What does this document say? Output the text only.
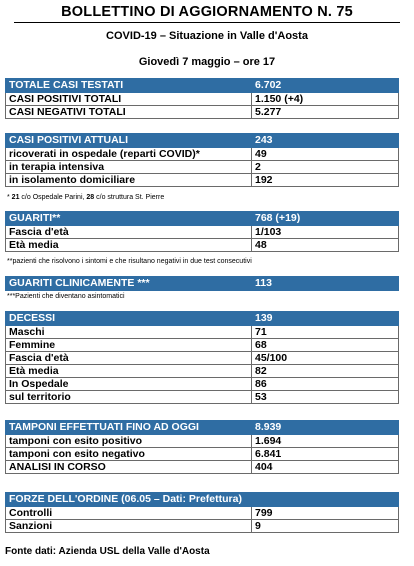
BOLLETTINO DI AGGIORNAMENTO N. 75
COVID-19 – Situazione in Valle d'Aosta
Giovedì 7 maggio – ore 17
TOTALE CASI TESTATI	6.702
CASI POSITIVI TOTALI	1.150 (+4)
CASI NEGATIVI TOTALI	5.277
CASI POSITIVI ATTUALI	243
ricoverati in ospedale (reparti COVID)*	49
in terapia intensiva	2
in isolamento domiciliare	192
* 21 c/o Ospedale Parini, 28 c/o struttura St. Pierre
GUARITI**	768 (+19)
Fascia d'età	1/103
Età media	48
**pazienti che risolvono i sintomi e che risultano negativi in due test consecutivi
GUARITI CLINICAMENTE ***	113
***Pazienti che diventano asintomatici
DECESSI	139
Maschi	71
Femmine	68
Fascia d'età	45/100
Età media	82
In Ospedale	86
sul territorio	53
TAMPONI EFFETTUATI FINO AD OGGI	8.939
tamponi con esito positivo	1.694
tamponi con esito negativo	6.841
ANALISI IN CORSO	404
FORZE DELL'ORDINE (06.05 – Dati: Prefettura)	
Controlli	799
Sanzioni	9
Fonte dati: Azienda USL della Valle d'Aosta
